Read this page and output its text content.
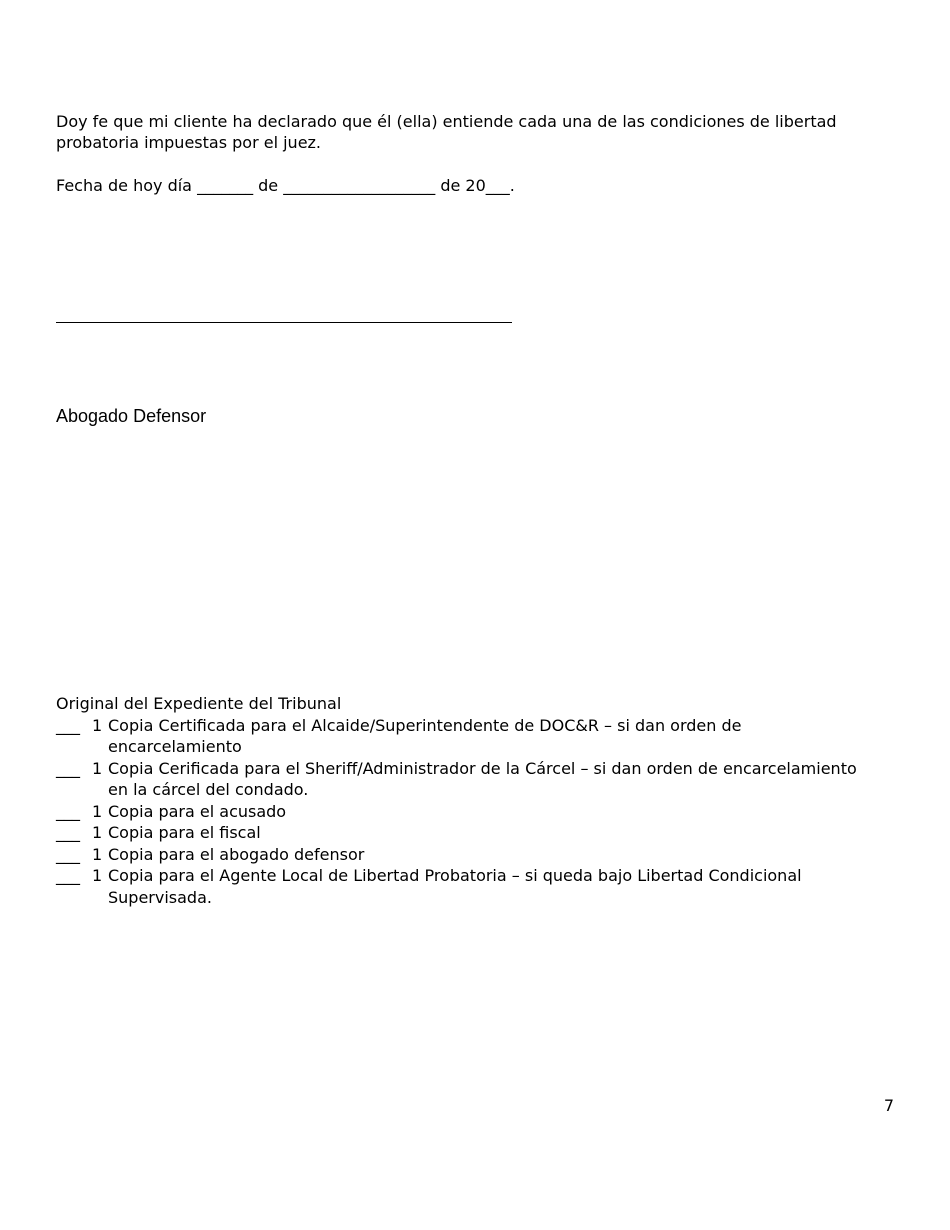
Doy fe que mi cliente ha declarado que él (ella) entiende cada una de las condiciones de libertad
probatoria impuestas por el juez.
Fecha de hoy día _______ de ___________________ de 20___.
Abogado Defensor
Original del Expediente del Tribunal
___ 1 Copia Certificada para el Alcaide/Superintendente de DOC&R – si dan orden de
encarcelamiento
___ 1 Copia Cerificada para el Sheriff/Administrador de la Cárcel – si dan orden de encarcelamiento
en la cárcel del condado.
___ 1 Copia para el acusado
___ 1 Copia para el fiscal
___ 1 Copia para el abogado defensor
___ 1 Copia para el Agente Local de Libertad Probatoria – si queda bajo Libertad Condicional
Supervisada.
7
